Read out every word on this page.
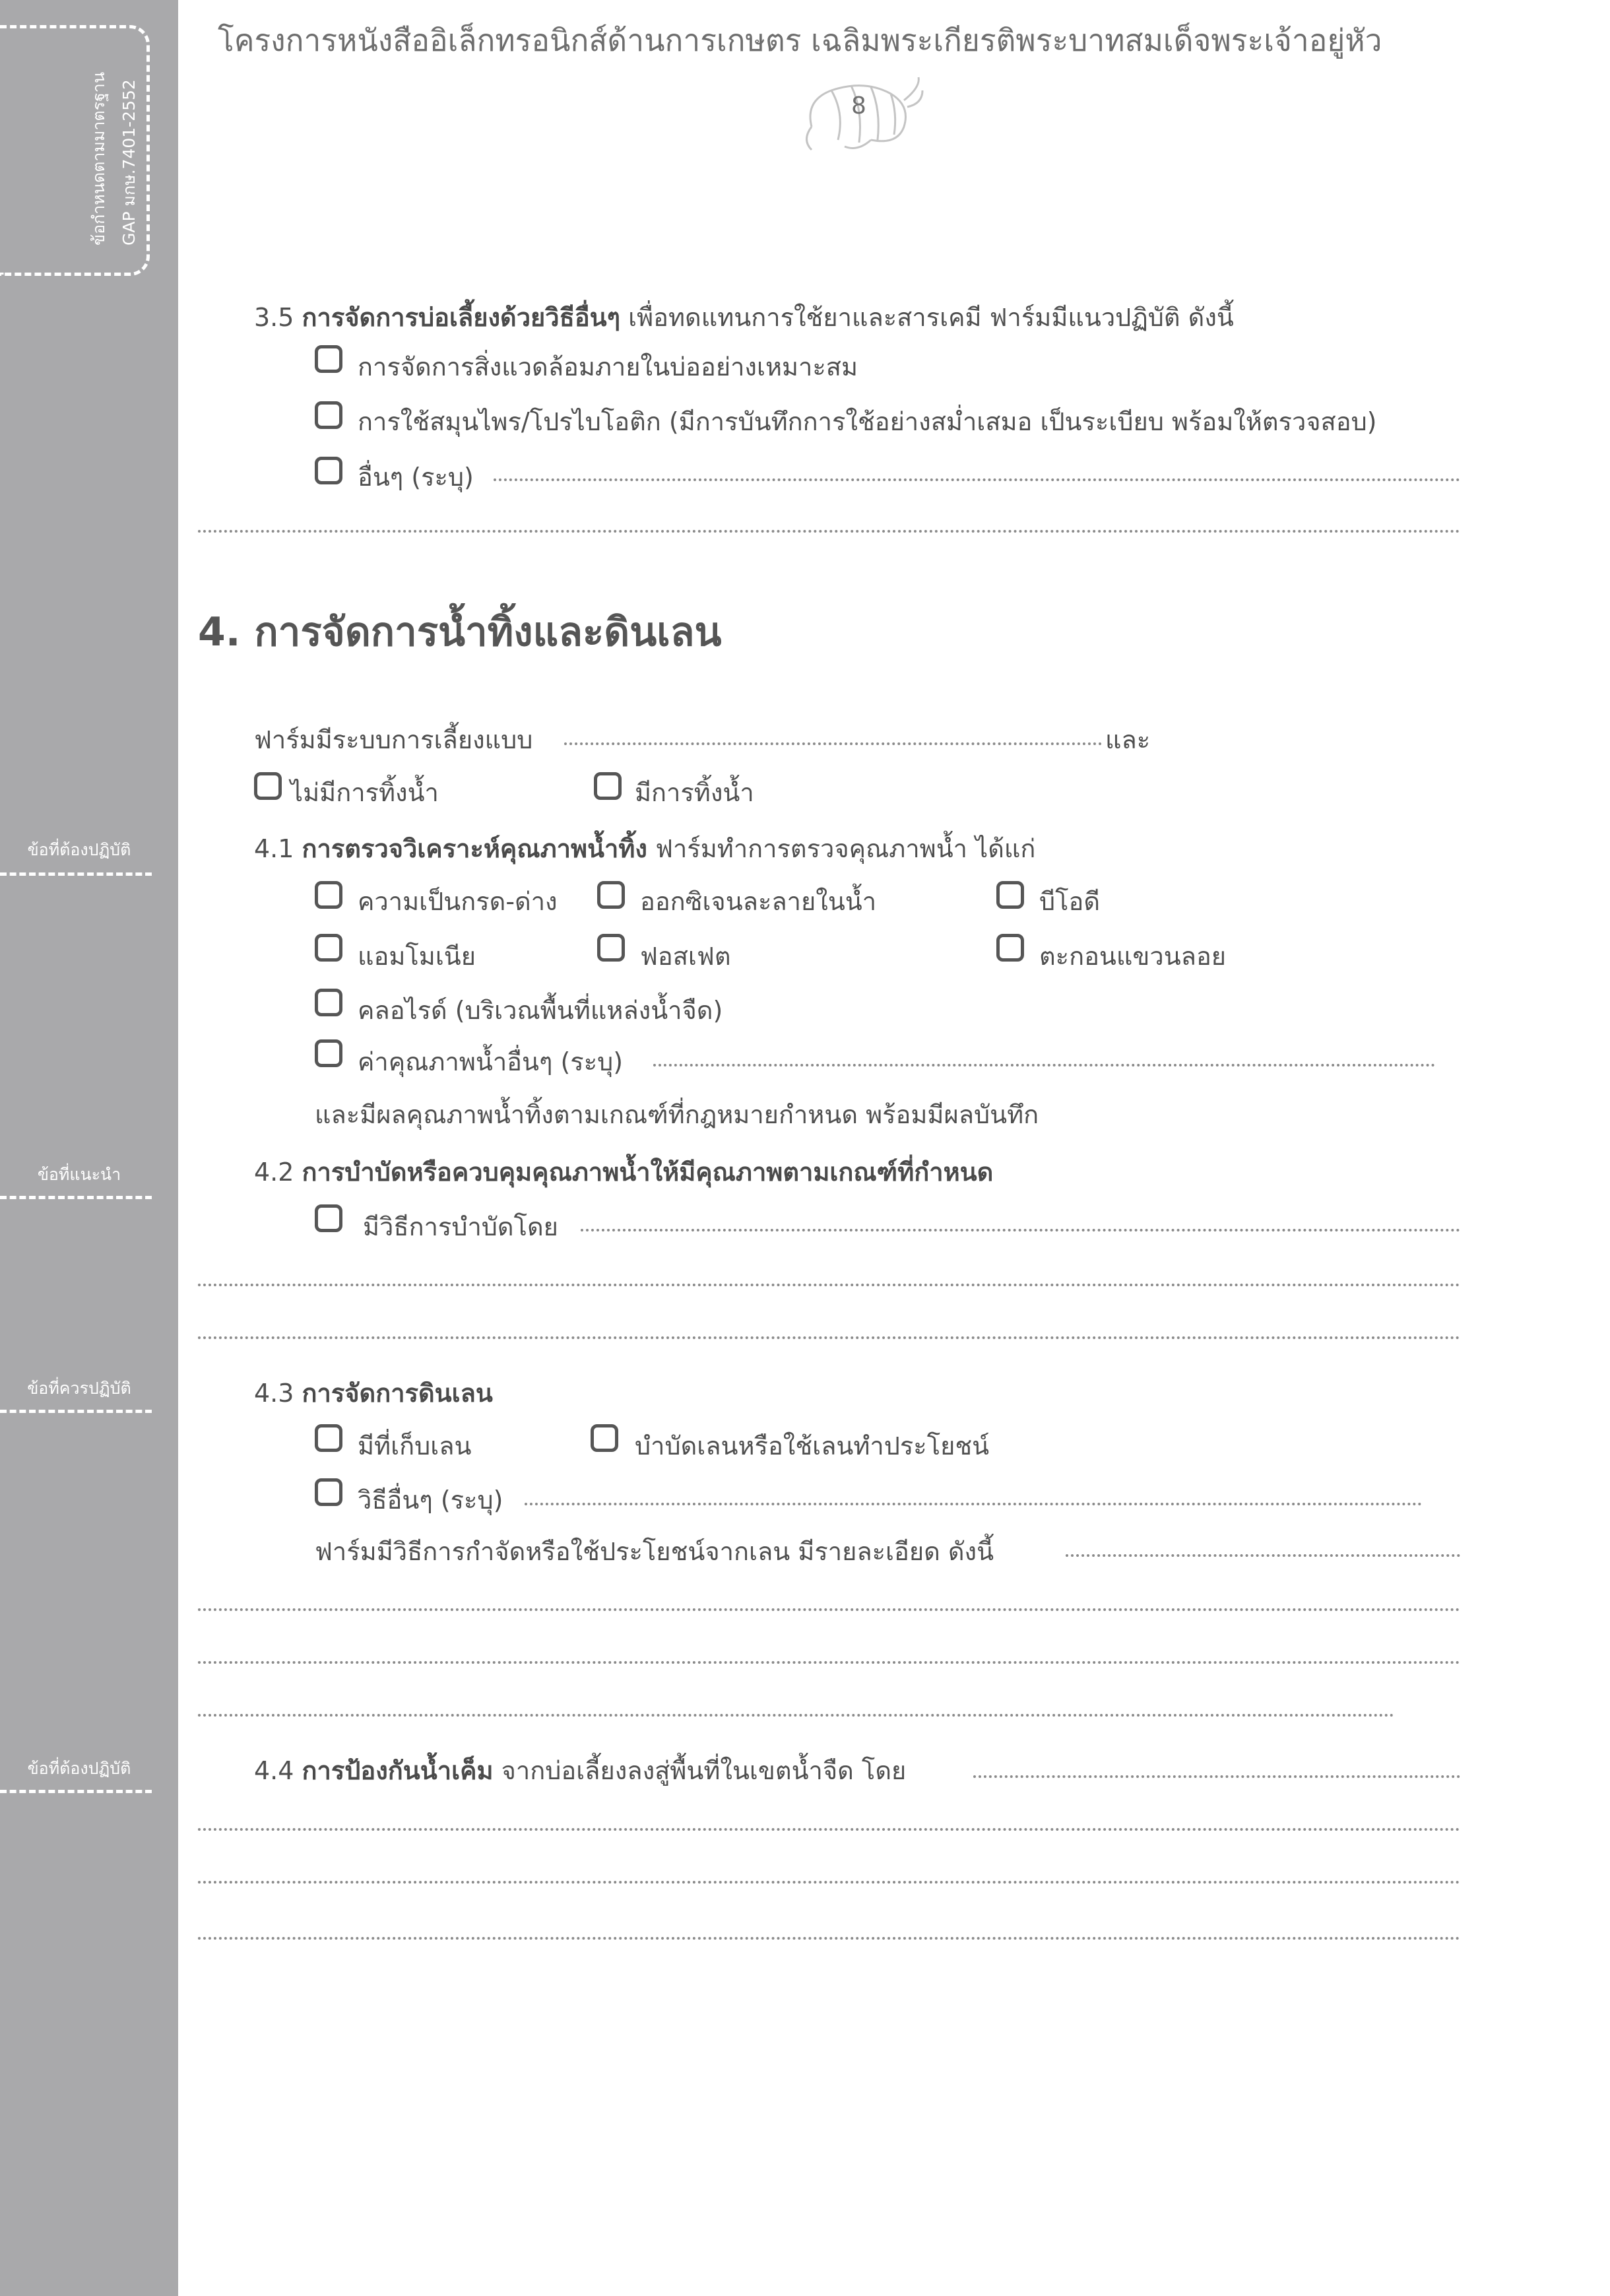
ข้อกำหนดตามมาตรฐาน GAP มกษ.7401-2552
ข้อที่ต้องปฏิบัติ
ข้อที่แนะนำ
ข้อที่ควรปฏิบัติ
ข้อที่ต้องปฏิบัติ
โครงการหนังสืออิเล็กทรอนิกส์ด้านการเกษตร เฉลิมพระเกียรติพระบาทสมเด็จพระเจ้าอยู่หัว
8
3.5 การจัดการบ่อเลี้ยงด้วยวิธีอื่นๆ เพื่อทดแทนการใช้ยาและสารเคมี ฟาร์มมีแนวปฏิบัติ ดังนี้
การจัดการสิ่งแวดล้อมภายในบ่ออย่างเหมาะสม
การใช้สมุนไพร/โปรไบโอติก (มีการบันทึกการใช้อย่างสม่ำเสมอ เป็นระเบียบ พร้อมให้ตรวจสอบ)
อื่นๆ (ระบุ)
4. การจัดการน้ำทิ้งและดินเลน
ฟาร์มมีระบบการเลี้ยงแบบ	และ
ไม่มีการทิ้งน้ำ	มีการทิ้งน้ำ
4.1 การตรวจวิเคราะห์คุณภาพน้ำทิ้ง ฟาร์มทำการตรวจคุณภาพน้ำ ได้แก่
ความเป็นกรด-ด่าง	ออกซิเจนละลายในน้ำ	บีโอดี
แอมโมเนีย	ฟอสเฟต	ตะกอนแขวนลอย
คลอไรด์ (บริเวณพื้นที่แหล่งน้ำจืด)
ค่าคุณภาพน้ำอื่นๆ (ระบุ)
และมีผลคุณภาพน้ำทิ้งตามเกณฑ์ที่กฎหมายกำหนด พร้อมมีผลบันทึก
4.2 การบำบัดหรือควบคุมคุณภาพน้ำให้มีคุณภาพตามเกณฑ์ที่กำหนด
มีวิธีการบำบัดโดย
4.3 การจัดการดินเลน
มีที่เก็บเลน	บำบัดเลนหรือใช้เลนทำประโยชน์
วิธีอื่นๆ (ระบุ)
ฟาร์มมีวิธีการกำจัดหรือใช้ประโยชน์จากเลน มีรายละเอียด ดังนี้
4.4 การป้องกันน้ำเค็ม จากบ่อเลี้ยงลงสู่พื้นที่ในเขตน้ำจืด โดย
